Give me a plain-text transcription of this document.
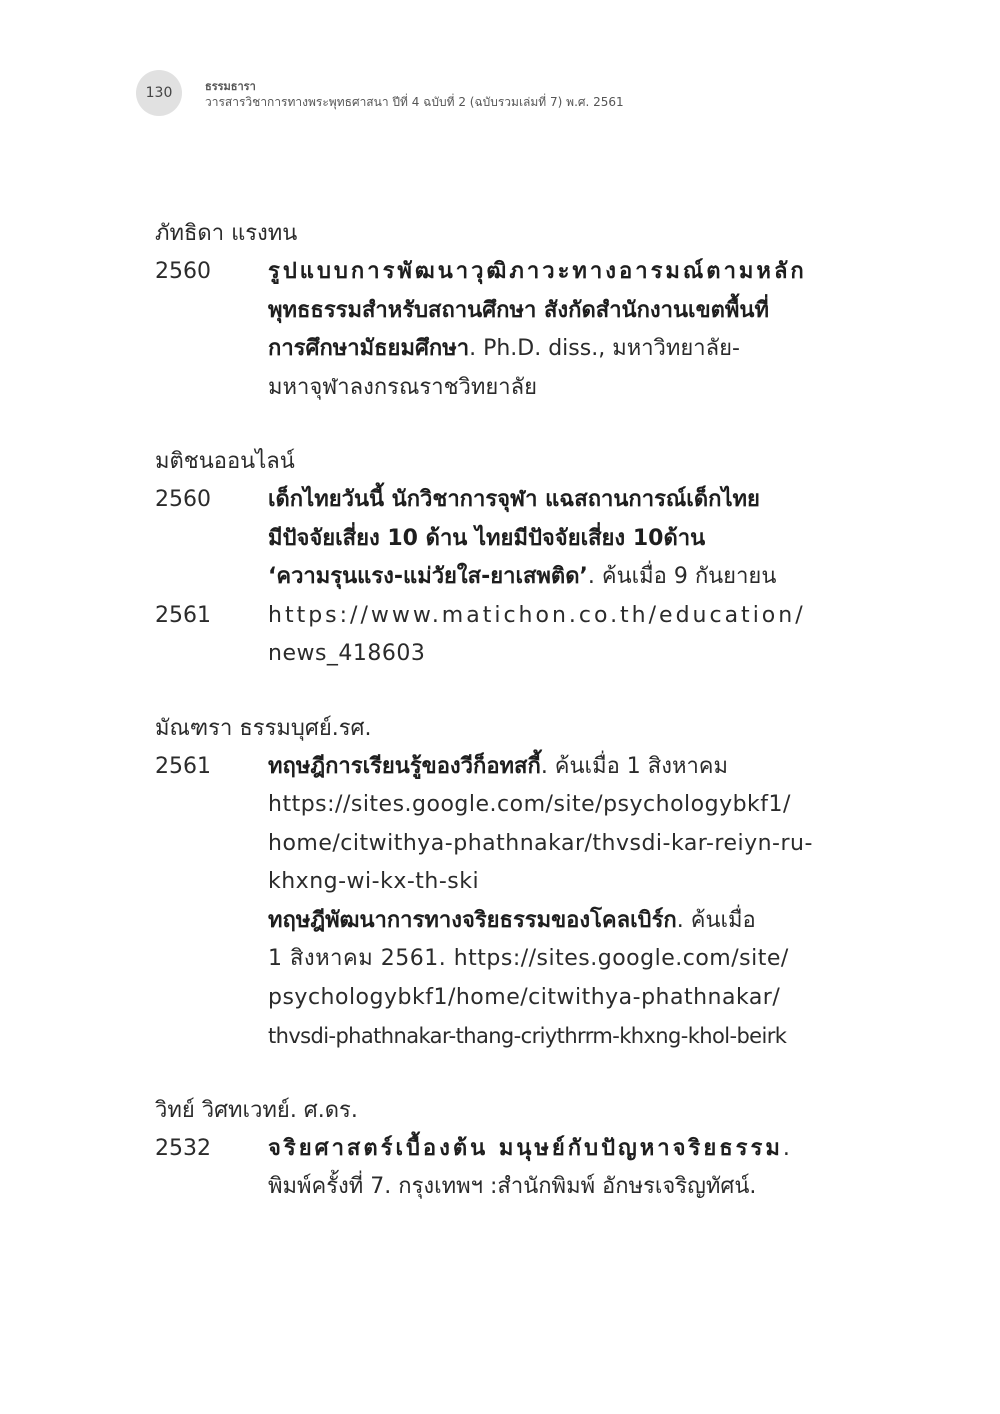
130	ธรรมธารา
วารสารวิชาการทางพระพุทธศาสนา ปีที่ 4 ฉบับที่ 2 (ฉบับรวมเล่มที่ 7) พ.ศ. 2561
ภัทธิดา แรงทน
2560	รูปแบบการพัฒนาวุฒิภาวะทางอารมณ์ตามหลัก
พุทธธรรมสำหรับสถานศึกษา สังกัดสำนักงานเขตพื้นที่
การศึกษามัธยมศึกษา. Ph.D. diss., มหาวิทยาลัย-
มหาจุฬาลงกรณราชวิทยาลัย
มติชนออนไลน์
2560	เด็กไทยวันนี้ นักวิชาการจุฬา แฉสถานการณ์เด็กไทย
มีปัจจัยเสี่ยง 10 ด้าน ไทยมีปัจจัยเสี่ยง 10ด้าน
‘ความรุนแรง-แม่วัยใส-ยาเสพติด’. ค้นเมื่อ 9 กันยายน
2561	https://www.matichon.co.th/education/
news_418603
มัณฑรา ธรรมบุศย์.รศ.
2561	ทฤษฎีการเรียนรู้ของวีก็อทสกี้. ค้นเมื่อ 1 สิงหาคม
https://sites.google.com/site/psychologybkf1/
home/citwithya-phathnakar/thvsdi-kar-reiyn-ru-
khxng-wi-kx-th-ski
ทฤษฎีพัฒนาการทางจริยธรรมของโคลเบิร์ก. ค้นเมื่อ
1 สิงหาคม 2561. https://sites.google.com/site/
psychologybkf1/home/citwithya-phathnakar/
thvsdi-phathnakar-thang-criythrrm-khxng-khol-beirk
วิทย์ วิศทเวทย์. ศ.ดร.
2532	จริยศาสตร์เบื้องต้น มนุษย์กับปัญหาจริยธรรม.
พิมพ์ครั้งที่ 7. กรุงเทพฯ :สำนักพิมพ์ อักษรเจริญทัศน์.
